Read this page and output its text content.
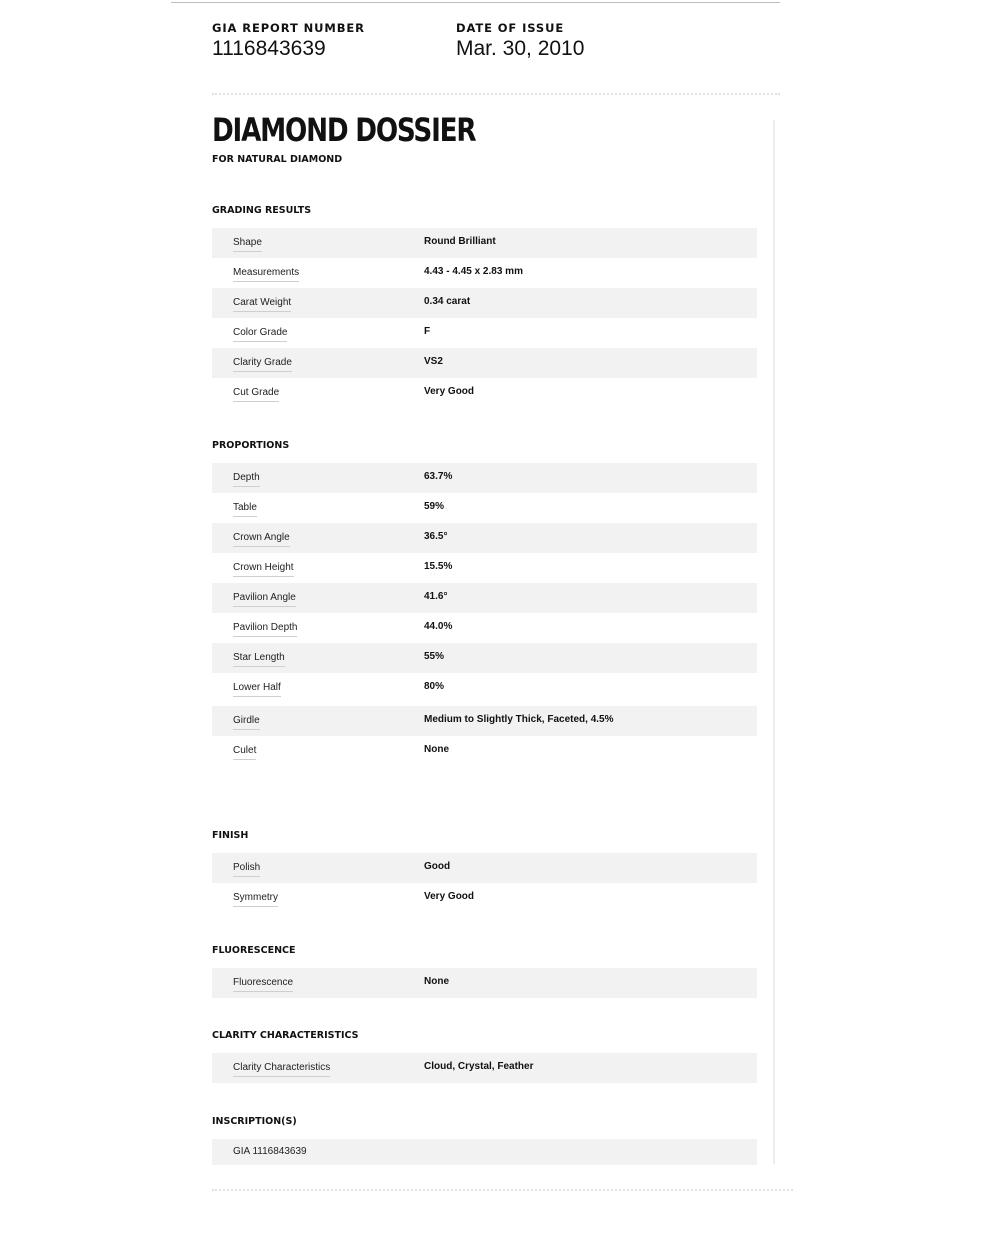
GIA REPORT NUMBER
1116843639
DATE OF ISSUE
Mar. 30, 2010
DIAMOND DOSSIER
FOR NATURAL DIAMOND
GRADING RESULTS
Shape	Round Brilliant
Measurements	4.43 - 4.45 x 2.83 mm
Carat Weight	0.34 carat
Color Grade	F
Clarity Grade	VS2
Cut Grade	Very Good
PROPORTIONS
Depth	63.7%
Table	59%
Crown Angle	36.5°
Crown Height	15.5%
Pavilion Angle	41.6°
Pavilion Depth	44.0%
Star Length	55%
Lower Half	80%
Girdle	Medium to Slightly Thick, Faceted, 4.5%
Culet	None
FINISH
Polish	Good
Symmetry	Very Good
FLUORESCENCE
Fluorescence	None
CLARITY CHARACTERISTICS
Clarity Characteristics	Cloud, Crystal, Feather
INSCRIPTION(S)
GIA 1116843639
